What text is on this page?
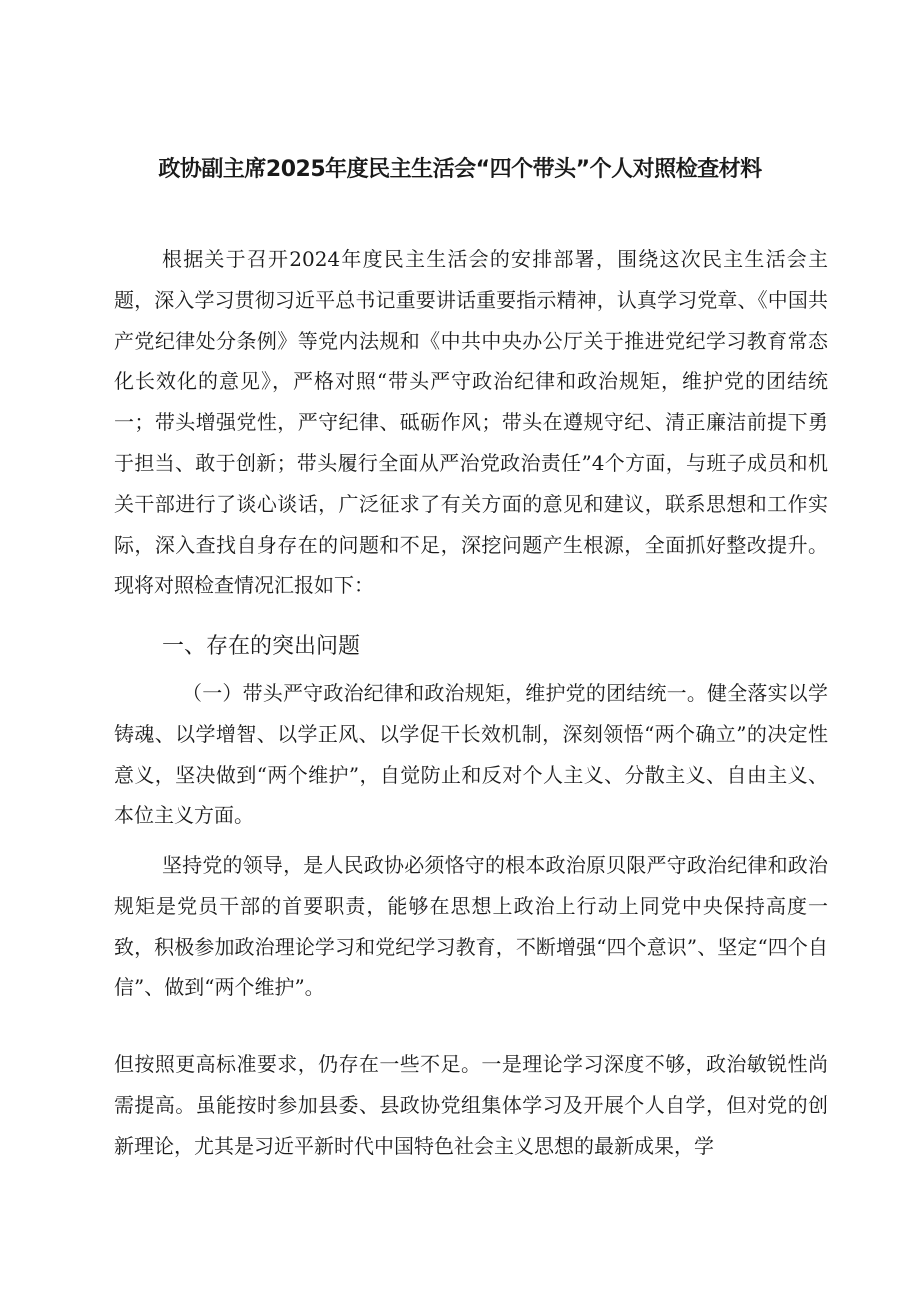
政协副主席2025年度民主生活会“四个带头”个人对照检查材料

根据关于召开2024年度民主生活会的安排部署，围绕这次民主生活会主题，深入学习贯彻习近平总书记重要讲话重要指示精神，认真学习党章、《中国共产党纪律处分条例》等党内法规和《中共中央办公厅关于推进党纪学习教育常态化长效化的意见》，严格对照“带头严守政治纪律和政治规矩，维护党的团结统一；带头增强党性，严守纪律、砥砺作风；带头在遵规守纪、清正廉洁前提下勇于担当、敢于创新；带头履行全面从严治党政治责任”4个方面，与班子成员和机关干部进行了谈心谈话，广泛征求了有关方面的意见和建议，联系思想和工作实际，深入查找自身存在的问题和不足，深挖问题产生根源，全面抓好整改提升。现将对照检查情况汇报如下：

一、存在的突出问题

（一）带头严守政治纪律和政治规矩，维护党的团结统一。健全落实以学铸魂、以学增智、以学正风、以学促干长效机制，深刻领悟“两个确立”的决定性意义，坚决做到“两个维护”，自觉防止和反对个人主义、分散主义、自由主义、本位主义方面。

坚持党的领导，是人民政协必须恪守的根本政治原贝限严守政治纪律和政治规矩是党员干部的首要职责，能够在思想上政治上行动上同党中央保持高度一致，积极参加政治理论学习和党纪学习教育，不断增强“四个意识”、坚定“四个自信”、做到“两个维护”。

但按照更高标准要求，仍存在一些不足。一是理论学习深度不够，政治敏锐性尚需提高。虽能按时参加县委、县政协党组集体学习及开展个人自学，但对党的创新理论，尤其是习近平新时代中国特色社会主义思想的最新成果，学
